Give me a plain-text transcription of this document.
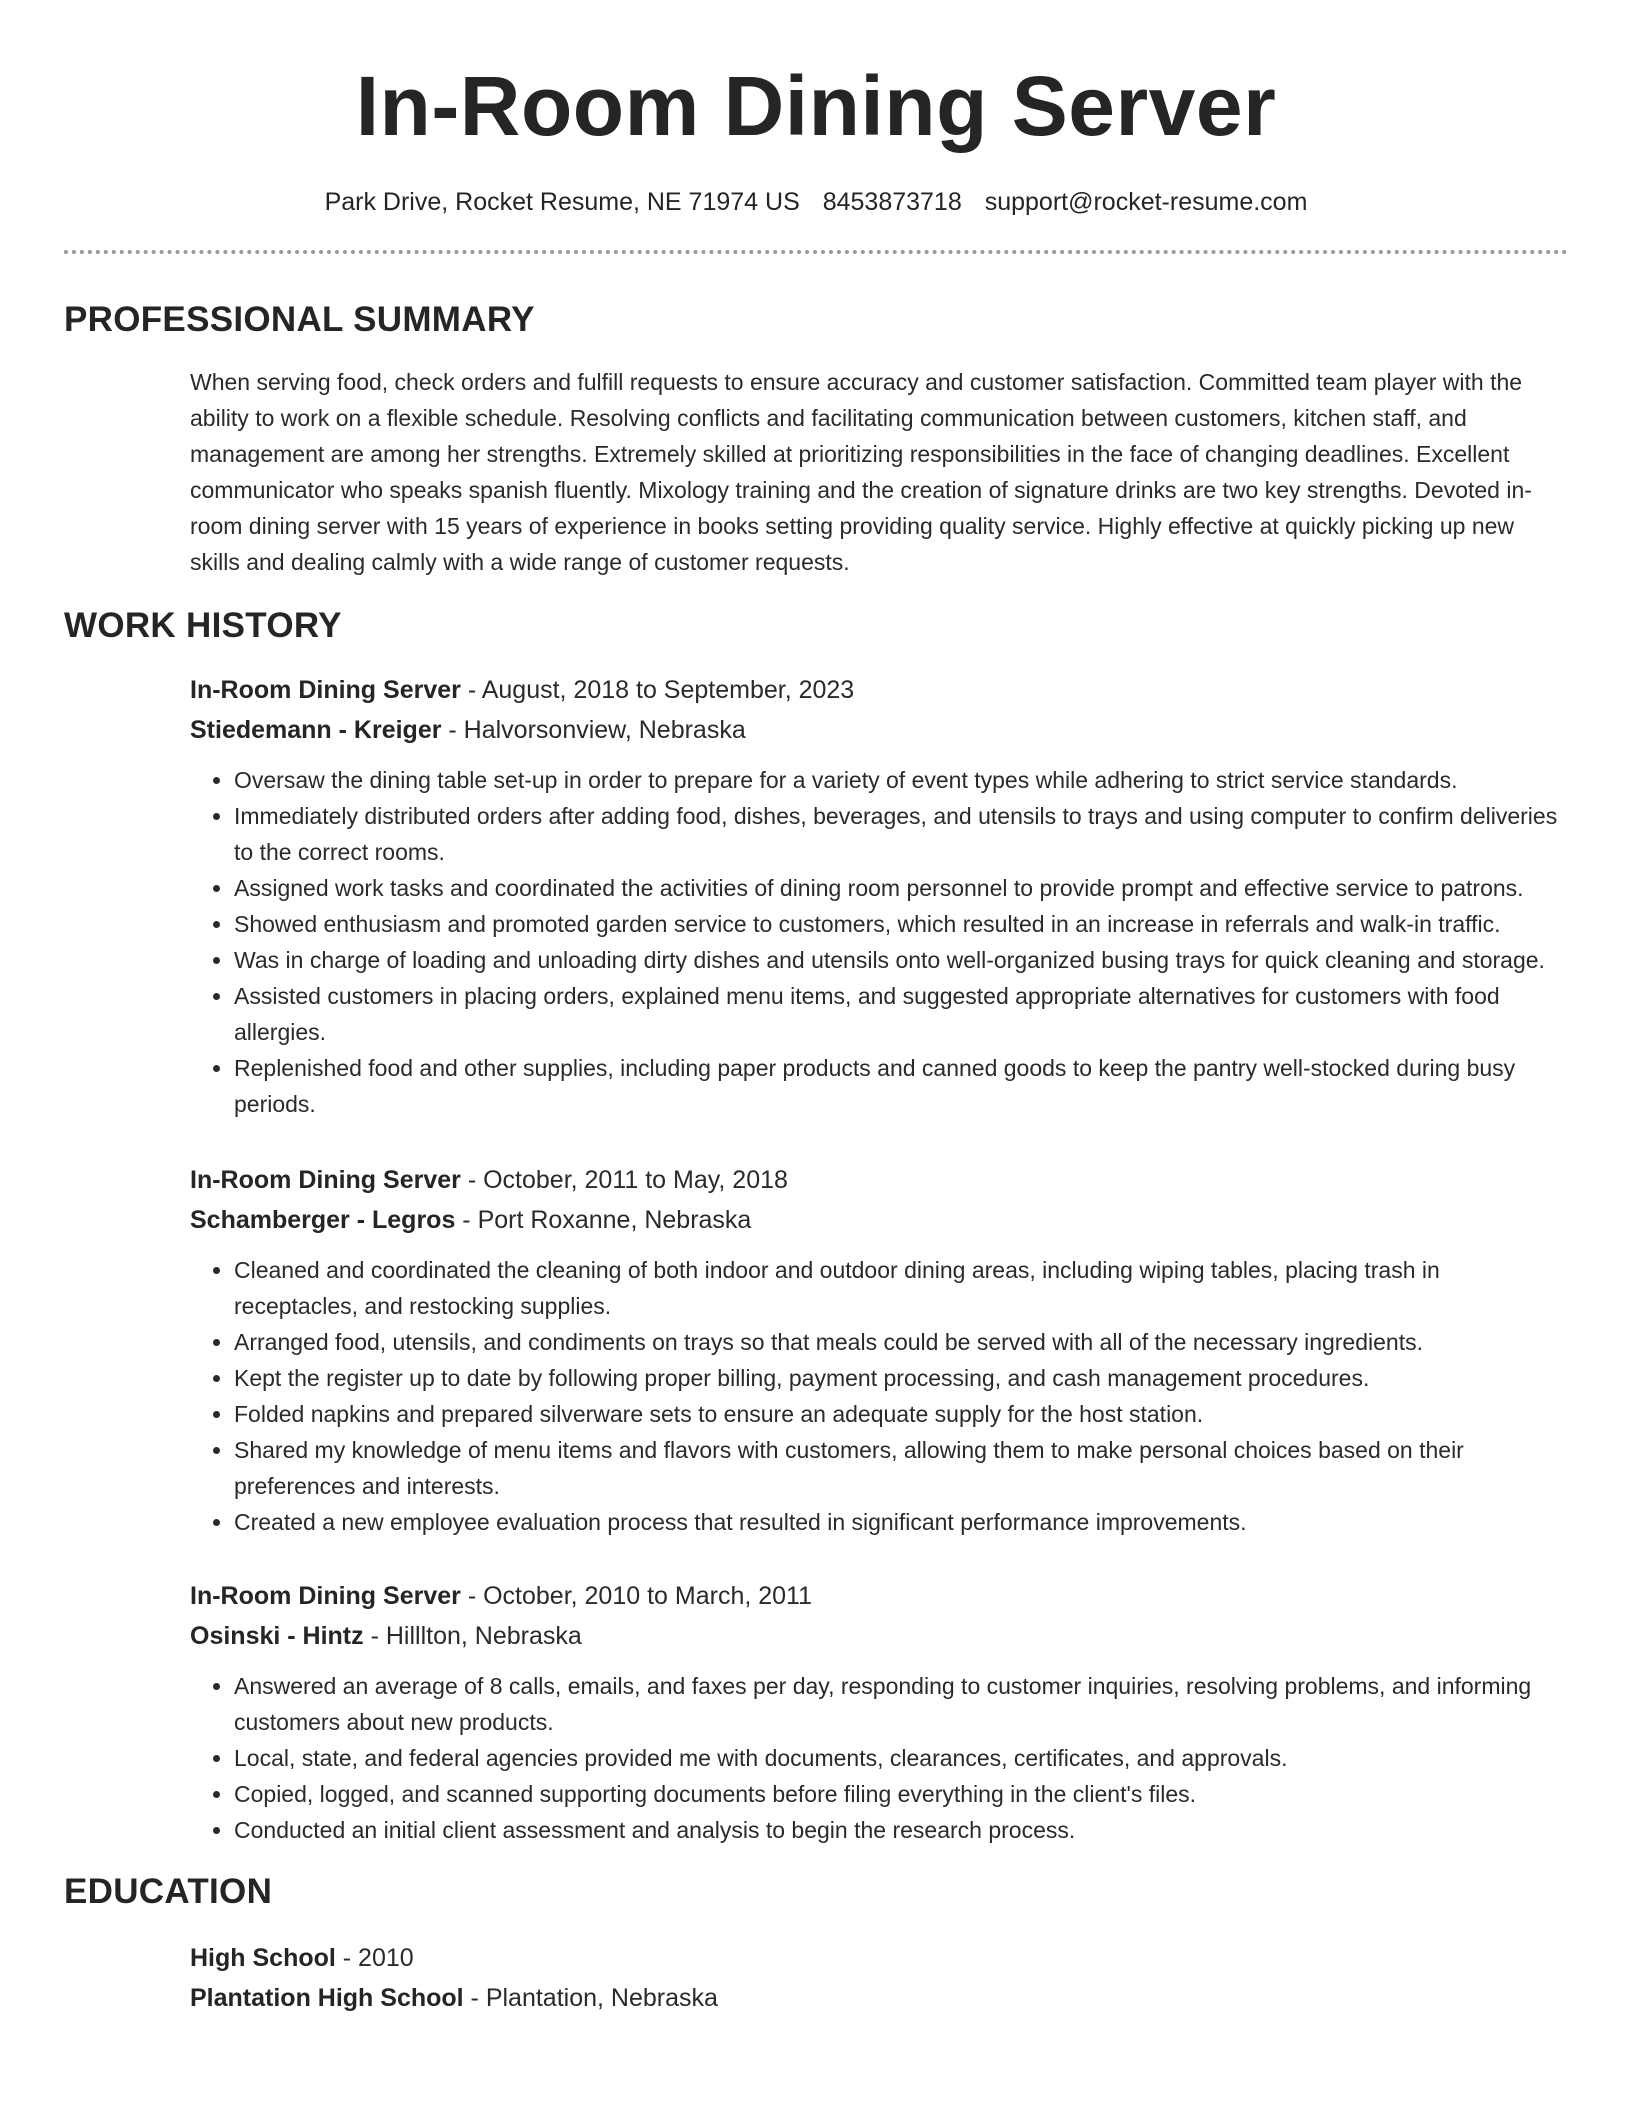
In-Room Dining Server
Park Drive, Rocket Resume, NE 71974 US 8453873718 support@rocket-resume.com
PROFESSIONAL SUMMARY

When serving food, check orders and fulfill requests to ensure accuracy and customer satisfaction. Committed team player with the ability to work on a flexible schedule. Resolving conflicts and facilitating communication between customers, kitchen staff, and management are among her strengths. Extremely skilled at prioritizing responsibilities in the face of changing deadlines. Excellent communicator who speaks spanish fluently. Mixology training and the creation of signature drinks are two key strengths. Devoted in-room dining server with 15 years of experience in books setting providing quality service. Highly effective at quickly picking up new skills and dealing calmly with a wide range of customer requests.

WORK HISTORY

In-Room Dining Server - August, 2018 to September, 2023

Stiedemann - Kreiger - Halvorsonview, Nebraska

• Oversaw the dining table set-up in order to prepare for a variety of event types while adhering to strict service standards.
• Immediately distributed orders after adding food, dishes, beverages, and utensils to trays and using computer to confirm deliveries to the correct rooms.
• Assigned work tasks and coordinated the activities of dining room personnel to provide prompt and effective service to patrons.
• Showed enthusiasm and promoted garden service to customers, which resulted in an increase in referrals and walk-in traffic.
• Was in charge of loading and unloading dirty dishes and utensils onto well-organized busing trays for quick cleaning and storage.
• Assisted customers in placing orders, explained menu items, and suggested appropriate alternatives for customers with food allergies.
• Replenished food and other supplies, including paper products and canned goods to keep the pantry well-stocked during busy periods.

In-Room Dining Server - October, 2011 to May, 2018

Schamberger - Legros - Port Roxanne, Nebraska

• Cleaned and coordinated the cleaning of both indoor and outdoor dining areas, including wiping tables, placing trash in receptacles, and restocking supplies.
• Arranged food, utensils, and condiments on trays so that meals could be served with all of the necessary ingredients.
• Kept the register up to date by following proper billing, payment processing, and cash management procedures.
• Folded napkins and prepared silverware sets to ensure an adequate supply for the host station.
• Shared my knowledge of menu items and flavors with customers, allowing them to make personal choices based on their preferences and interests.
• Created a new employee evaluation process that resulted in significant performance improvements.

In-Room Dining Server - October, 2010 to March, 2011

Osinski - Hintz - Hilllton, Nebraska

• Answered an average of 8 calls, emails, and faxes per day, responding to customer inquiries, resolving problems, and informing customers about new products.
• Local, state, and federal agencies provided me with documents, clearances, certificates, and approvals.
• Copied, logged, and scanned supporting documents before filing everything in the client's files.
• Conducted an initial client assessment and analysis to begin the research process.
EDUCATION

High School - 2010

Plantation High School - Plantation, Nebraska
